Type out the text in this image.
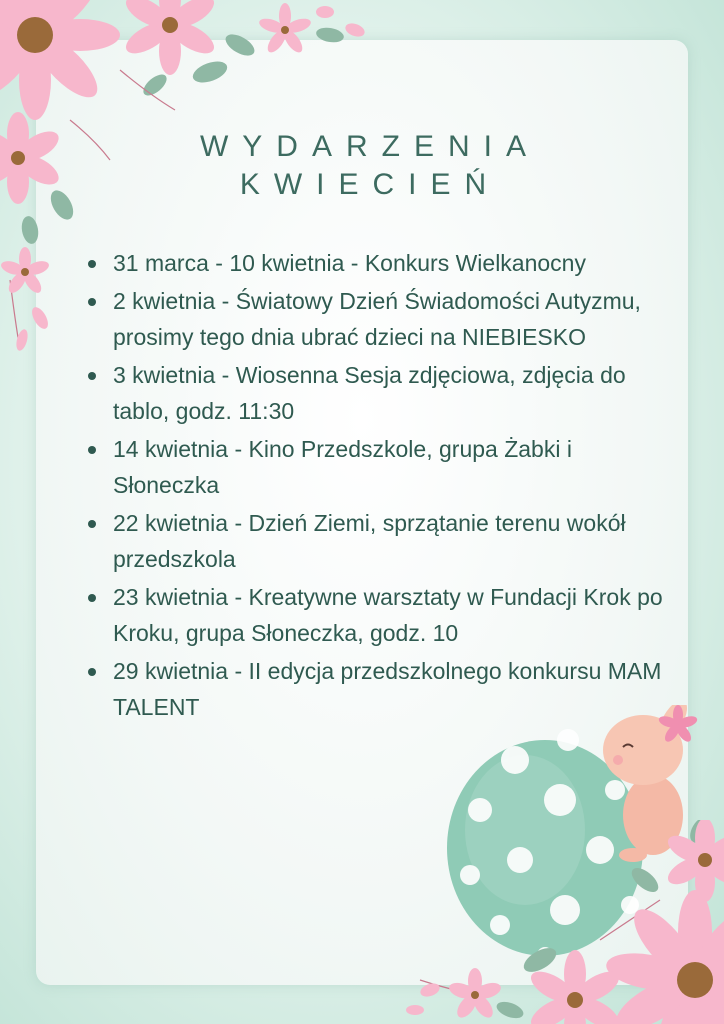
WYDARZENIA
KWIECIEŃ
31 marca - 10 kwietnia - Konkurs Wielkanocny
2 kwietnia - Światowy Dzień Świadomości Autyzmu, prosimy tego dnia ubrać dzieci na NIEBIESKO
3 kwietnia - Wiosenna Sesja zdjęciowa, zdjęcia do tablo, godz. 11:30
14 kwietnia - Kino Przedszkole, grupa Żabki i Słoneczka
22 kwietnia - Dzień Ziemi, sprzątanie terenu wokół przedszkola
23 kwietnia - Kreatywne warsztaty w Fundacji Krok po Kroku, grupa Słoneczka, godz. 10
29 kwietnia - II edycja przedszkolnego konkursu MAM TALENT
